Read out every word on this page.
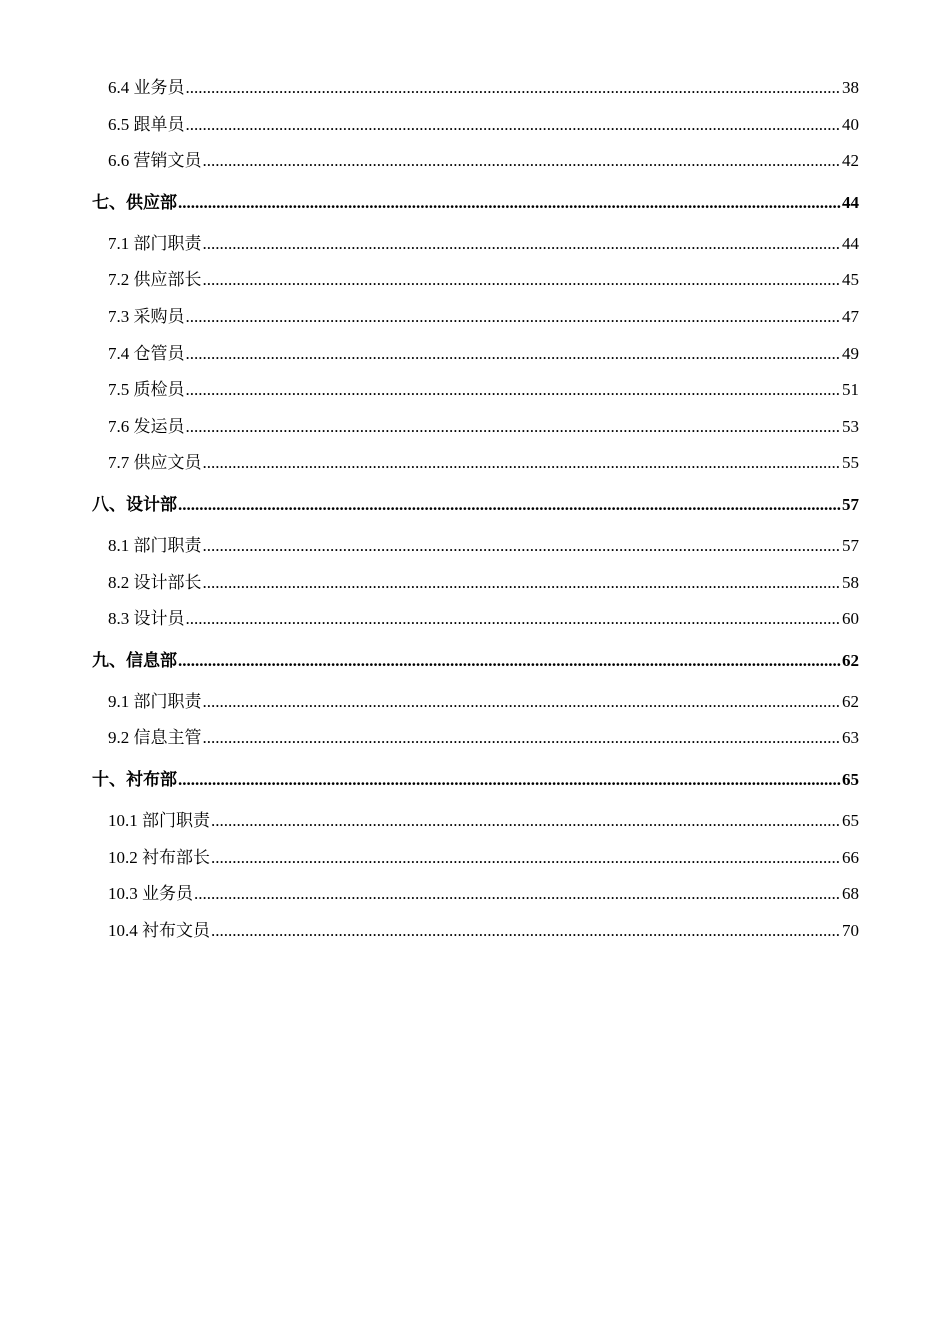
6.4 业务员 .....	38
6.5 跟单员 .....	40
6.6 营销文员 .....	42
七、供应部 .....	44
7.1 部门职责 .....	44
7.2 供应部长 .....	45
7.3 采购员 .....	47
7.4 仓管员 .....	49
7.5 质检员 .....	51
7.6 发运员 .....	53
7.7 供应文员 .....	55
八、设计部 .....	57
8.1 部门职责 .....	57
8.2 设计部长 .....	58
8.3 设计员 .....	60
九、信息部 .....	62
9.1 部门职责 .....	62
9.2 信息主管 .....	63
十、衬布部 .....	65
10.1 部门职责 .....	65
10.2 衬布部长 .....	66
10.3 业务员 .....	68
10.4 衬布文员 .....	70
